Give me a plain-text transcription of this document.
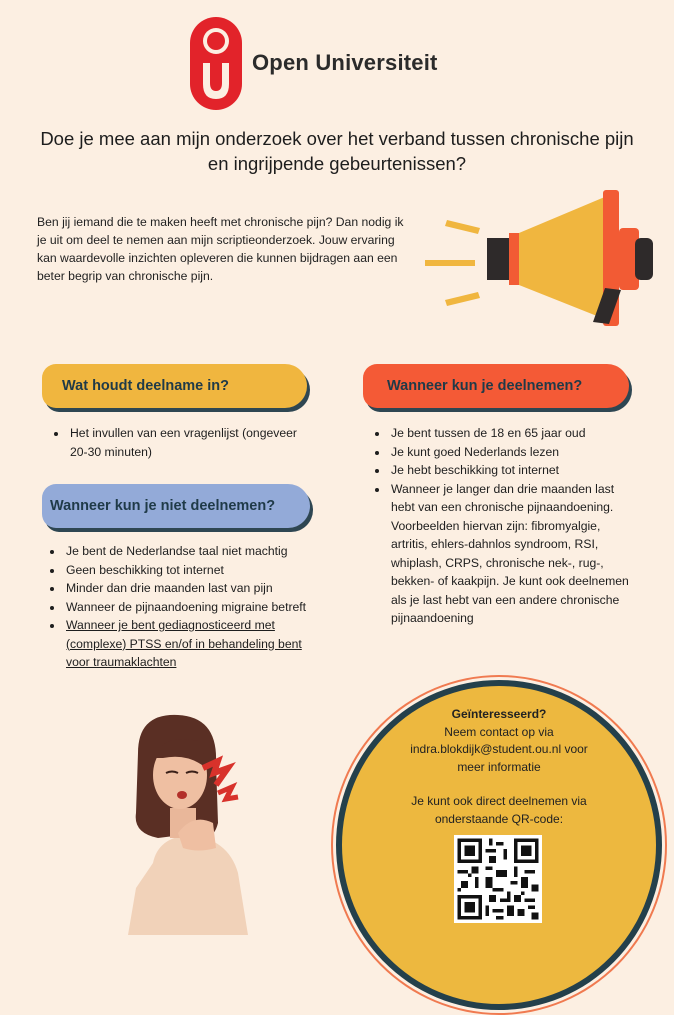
Open Universiteit
Doe je mee aan mijn onderzoek over het verband tussen chronische pijn en ingrijpende gebeurtenissen?
Ben jij iemand die te maken heeft met chronische pijn? Dan nodig ik je uit om deel te nemen aan mijn scriptieonderzoek. Jouw ervaring kan waardevolle inzichten opleveren die kunnen bijdragen aan een beter begrip van chronische pijn.
Wat houdt deelname in?	Wanneer kun je deelnemen?
Wanneer kun je niet deelnemen?
• Het invullen van een vragenlijst (ongeveer 20-30 minuten)
• Je bent tussen de 18 en 65 jaar oud
• Je kunt goed Nederlands lezen
• Je hebt beschikking tot internet
• Wanneer je langer dan drie maanden last hebt van een chronische pijnaandoening. Voorbeelden hiervan zijn: fibromyalgie, artritis, ehlers-dahnlos syndroom, RSI, whiplash, CRPS, chronische nek-, rug-, bekken- of kaakpijn. Je kunt ook deelnemen als je last hebt van een andere chronische pijnaandoening
• Je bent de Nederlandse taal niet machtig
• Geen beschikking tot internet
• Minder dan drie maanden last van pijn
• Wanneer de pijnaandoening migraine betreft
• Wanneer je bent gediagnosticeerd met (complexe) PTSS en/of in behandeling bent voor traumaklachten
Geïnteresseerd?
Neem contact op via
indra.blokdijk@student.ou.nl voor
meer informatie
Je kunt ook direct deelnemen via
onderstaande QR-code:
